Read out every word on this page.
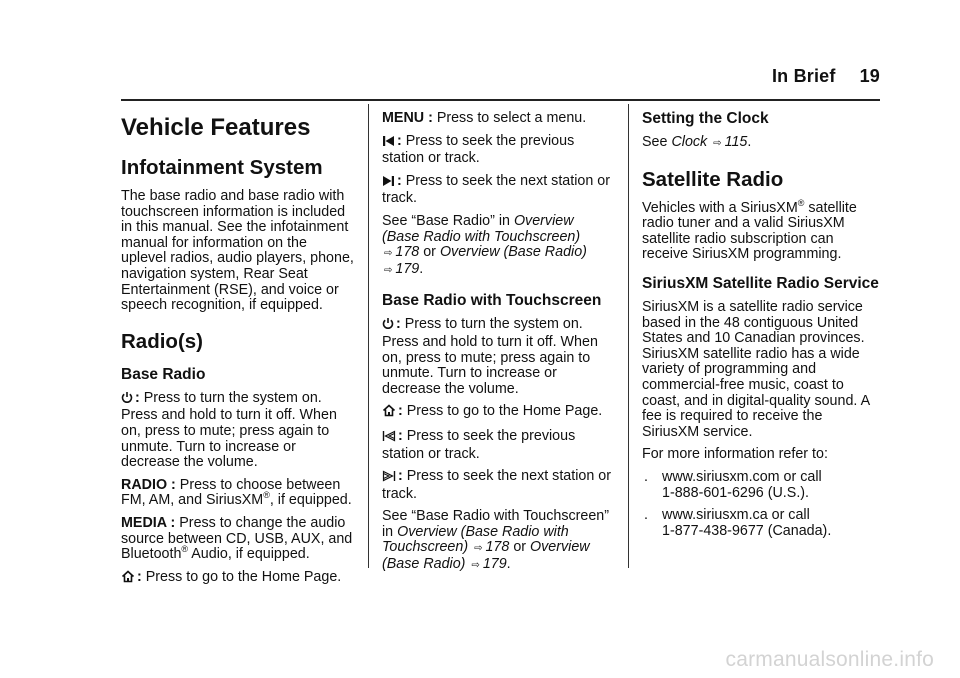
In Brief 19
Vehicle Features
Infotainment System

The base radio and base radio with touchscreen information is included in this manual. See the infotainment manual for information on the uplevel radios, audio players, phone, navigation system, Rear Seat Entertainment (RSE), and voice or speech recognition, if equipped.

Radio(s)
Base Radio

: Press to turn the system on. Press and hold to turn it off. When on, press to mute; press again to unmute. Turn to increase or decrease the volume.

RADIO : Press to choose between FM, AM, and SiriusXM®, if equipped.

MEDIA : Press to change the audio source between CD, USB, AUX, and Bluetooth® Audio, if equipped.

: Press to go to the Home Page.

MENU : Press to select a menu.

: Press to seek the previous station or track.

: Press to seek the next station or track.

See “Base Radio” in Overview (Base Radio with Touchscreen)
⇨ 178 or Overview (Base Radio) ⇨ 179.

Base Radio with Touchscreen

: Press to turn the system on. Press and hold to turn it off. When on, press to mute; press again to unmute. Turn to increase or decrease the volume.

: Press to go to the Home Page.

: Press to seek the previous station or track.

: Press to seek the next station or track.

See “Base Radio with Touchscreen” in Overview (Base Radio with Touchscreen) ⇨ 178 or Overview (Base Radio) ⇨ 179.

Setting the Clock

See Clock ⇨ 115.

Satellite Radio

Vehicles with a SiriusXM® satellite radio tuner and a valid SiriusXM satellite radio subscription can receive SiriusXM programming.

SiriusXM Satellite Radio Service

SiriusXM is a satellite radio service based in the 48 contiguous United States and 10 Canadian provinces. SiriusXM satellite radio has a wide variety of programming and commercial-free music, coast to coast, and in digital-quality sound. A fee is required to receive the SiriusXM service.

For more information refer to:

. www.siriusxm.com or call
1-888-601-6296 (U.S.).
. www.siriusxm.ca or call
1-877-438-9677 (Canada).
carmanualsonline.info
